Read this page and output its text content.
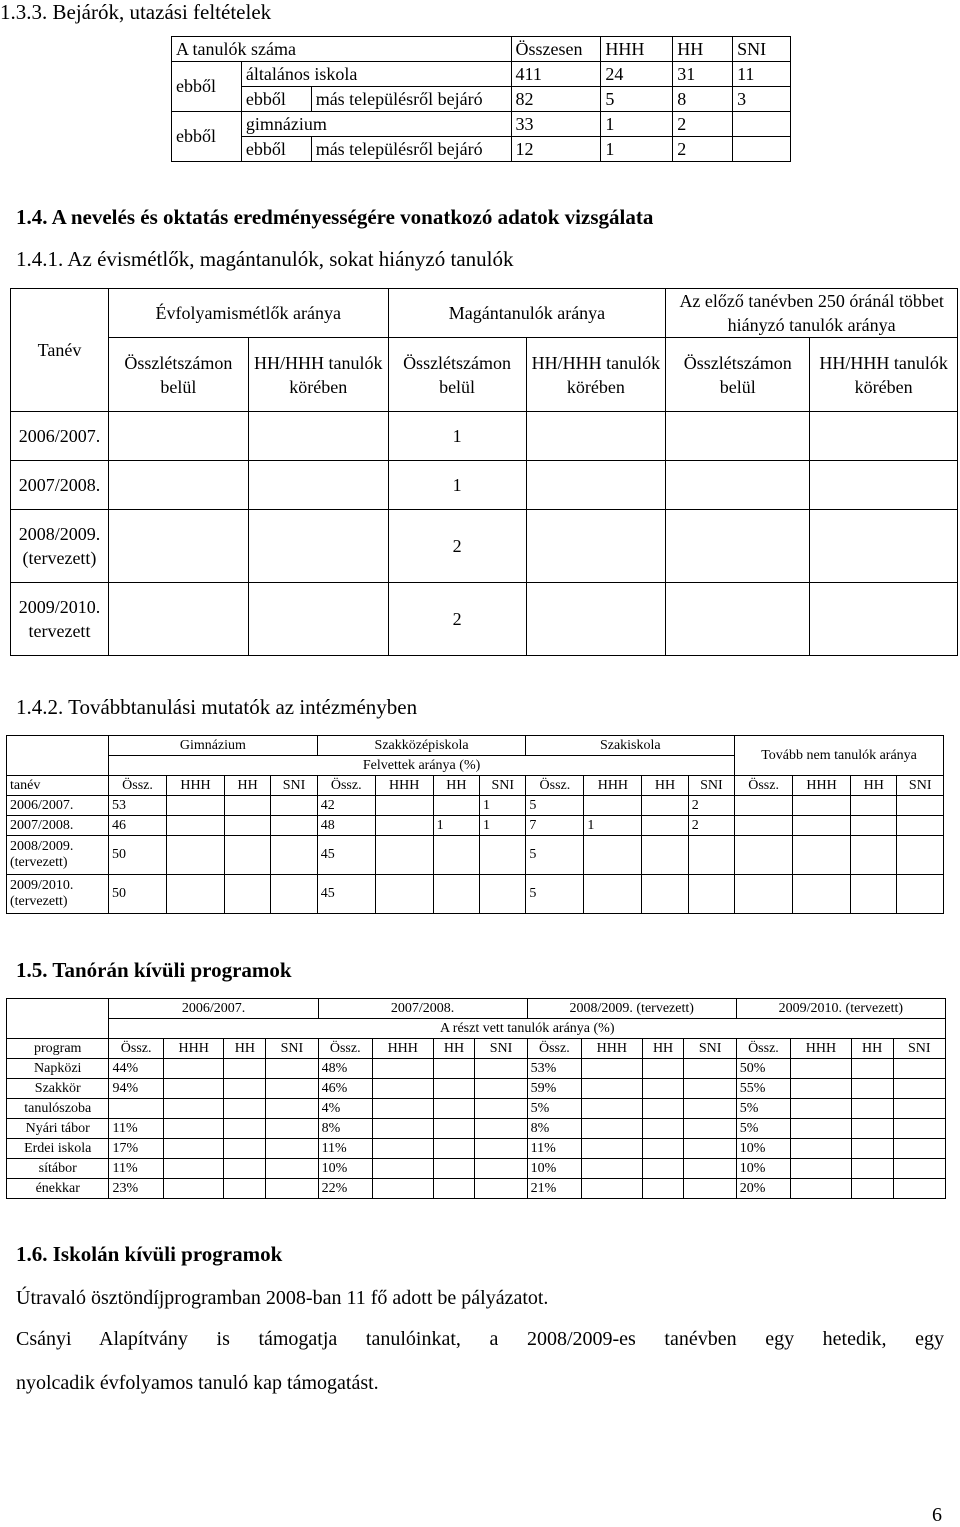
1.3.3. Bejárók, utazási feltételek
A tanulók száma			Összesen	HHH	HH	SNI
ebből	általános iskola		411	24	31	11
	ebből	más településről bejáró	82	5	8	3
ebből	gimnázium		33	1	2	
	ebből	más településről bejáró	12	1	2	
1.4. A nevelés és oktatás eredményességére vonatkozó adatok vizsgálata
1.4.1. Az évismétlők, magántanulók, sokat hiányzó tanulók
Tanév	Évfolyamismétlők aránya		Magántanulók aránya		Az előző tanévben 250 óránál többet hiányzó tanulók aránya	
	Összlétszámon belül	HH/HHH tanulók körében	Összlétszámon belül	HH/HHH tanulók körében	Összlétszámon belül	HH/HHH tanulók körében
2006/2007.			1			
2007/2008.			1			
2008/2009. (tervezett)			2			
2009/2010. tervezett			2			
1.4.2. Továbbtanulási mutatók az intézményben
	Gimnázium				Szakközépiskola				Szakiskola				Tovább nem tanulók aránya			
	Felvettek aránya (%)															
tanév	Össz.	HHH	HH	SNI	Össz.	HHH	HH	SNI	Össz.	HHH	HH	SNI	Össz.	HHH	HH	SNI
2006/2007.	53				42			1	5			2				
2007/2008.	46				48		1	1	7	1		2				
2008/2009. (tervezett)	50				45				5							
2009/2010. (tervezett)	50				45				5							
1.5. Tanórán kívüli programok
	2006/2007.				2007/2008.				2008/2009. (tervezett)				2009/2010. (tervezett)			
	A részt vett tanulók aránya (%)															
program	Össz.	HHH	HH	SNI	Össz.	HHH	HH	SNI	Össz.	HHH	HH	SNI	Össz.	HHH	HH	SNI
Napközi	44%				48%				53%				50%			
Szakkör	94%				46%				59%				55%			
tanulószoba					4%				5%				5%			
Nyári tábor	11%				8%				8%				5%			
Erdei iskola	17%				11%				11%				10%			
sítábor	11%				10%				10%				10%			
énekkar	23%				22%				21%				20%			
1.6. Iskolán kívüli programok
Útravaló ösztöndíjprogramban 2008-ban 11 fő adott be pályázatot.
Csányi Alapítvány is támogatja tanulóinkat, a 2008/2009-es tanévben egy hetedik, egy
nyolcadik évfolyamos tanuló kap támogatást.
6
